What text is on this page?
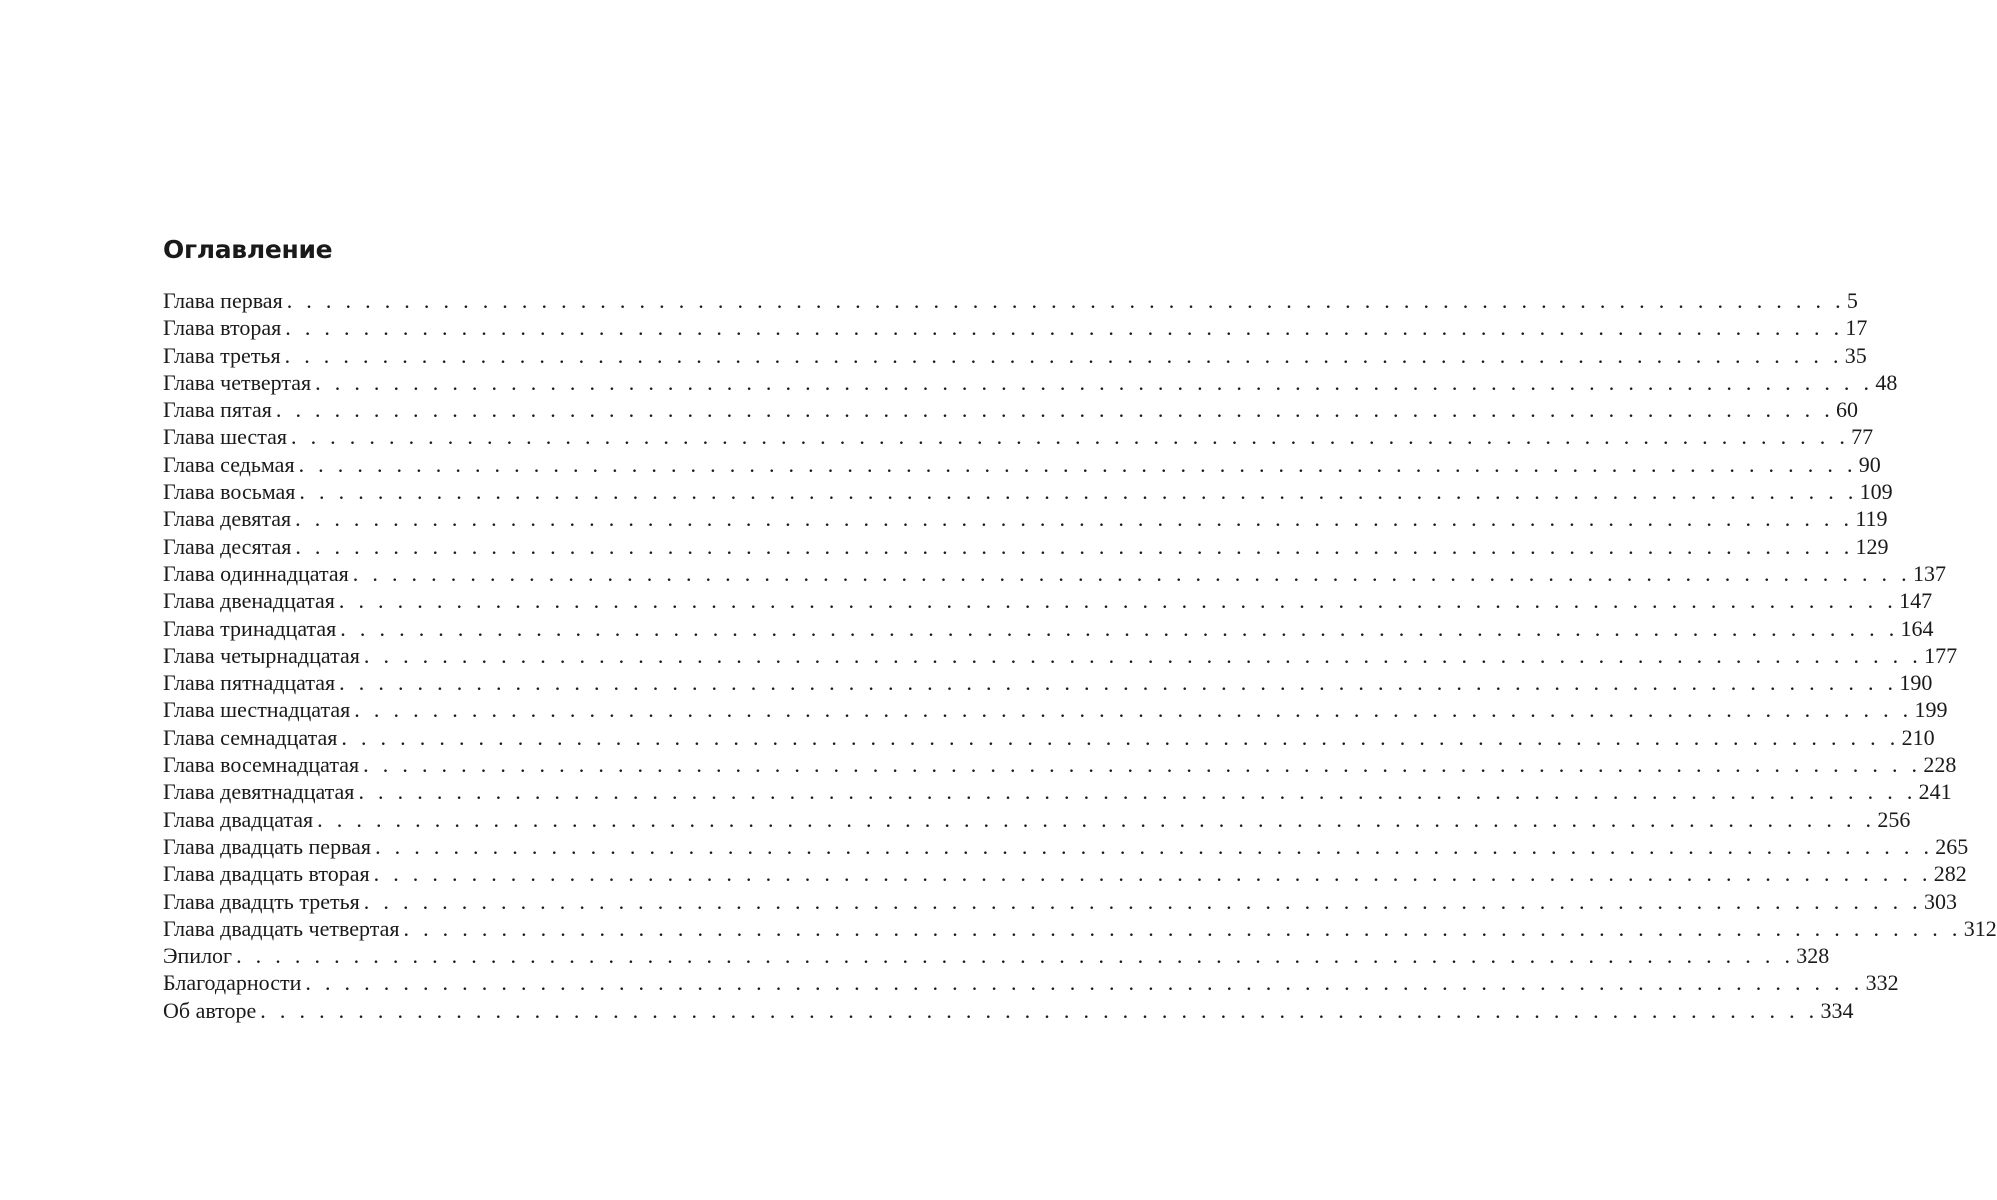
Оглавление
Глава первая . . . . . . . . . . . . . . . . . . . . . . . . . . . . . . . . . . . . . . . . . . . . . . . . . . . . . . . . . . . . . . . . . . . . . . . . . . . . . . . . 5
Глава вторая . . . . . . . . . . . . . . . . . . . . . . . . . . . . . . . . . . . . . . . . . . . . . . . . . . . . . . . . . . . . . . . . . . . . . . . . . . . . . . . . 17
Глава третья . . . . . . . . . . . . . . . . . . . . . . . . . . . . . . . . . . . . . . . . . . . . . . . . . . . . . . . . . . . . . . . . . . . . . . . . . . . . . . . . 35
Глава четвертая . . . . . . . . . . . . . . . . . . . . . . . . . . . . . . . . . . . . . . . . . . . . . . . . . . . . . . . . . . . . . . . . . . . . . . . . . . . . . . . . 48
Глава пятая . . . . . . . . . . . . . . . . . . . . . . . . . . . . . . . . . . . . . . . . . . . . . . . . . . . . . . . . . . . . . . . . . . . . . . . . . . . . . . . . 60
Глава шестая . . . . . . . . . . . . . . . . . . . . . . . . . . . . . . . . . . . . . . . . . . . . . . . . . . . . . . . . . . . . . . . . . . . . . . . . . . . . . . . . 77
Глава седьмая . . . . . . . . . . . . . . . . . . . . . . . . . . . . . . . . . . . . . . . . . . . . . . . . . . . . . . . . . . . . . . . . . . . . . . . . . . . . . . . . 90
Глава восьмая . . . . . . . . . . . . . . . . . . . . . . . . . . . . . . . . . . . . . . . . . . . . . . . . . . . . . . . . . . . . . . . . . . . . . . . . . . . . . . . . 109
Глава девятая . . . . . . . . . . . . . . . . . . . . . . . . . . . . . . . . . . . . . . . . . . . . . . . . . . . . . . . . . . . . . . . . . . . . . . . . . . . . . . . . 119
Глава десятая . . . . . . . . . . . . . . . . . . . . . . . . . . . . . . . . . . . . . . . . . . . . . . . . . . . . . . . . . . . . . . . . . . . . . . . . . . . . . . . . 129
Глава одиннадцатая . . . . . . . . . . . . . . . . . . . . . . . . . . . . . . . . . . . . . . . . . . . . . . . . . . . . . . . . . . . . . . . . . . . . . . . . . . . . . . . . 137
Глава двенадцатая . . . . . . . . . . . . . . . . . . . . . . . . . . . . . . . . . . . . . . . . . . . . . . . . . . . . . . . . . . . . . . . . . . . . . . . . . . . . . . . . 147
Глава тринадцатая . . . . . . . . . . . . . . . . . . . . . . . . . . . . . . . . . . . . . . . . . . . . . . . . . . . . . . . . . . . . . . . . . . . . . . . . . . . . . . . . 164
Глава четырнадцатая . . . . . . . . . . . . . . . . . . . . . . . . . . . . . . . . . . . . . . . . . . . . . . . . . . . . . . . . . . . . . . . . . . . . . . . . . . . . . . . . 177
Глава пятнадцатая . . . . . . . . . . . . . . . . . . . . . . . . . . . . . . . . . . . . . . . . . . . . . . . . . . . . . . . . . . . . . . . . . . . . . . . . . . . . . . . . 190
Глава шестнадцатая . . . . . . . . . . . . . . . . . . . . . . . . . . . . . . . . . . . . . . . . . . . . . . . . . . . . . . . . . . . . . . . . . . . . . . . . . . . . . . . . 199
Глава семнадцатая . . . . . . . . . . . . . . . . . . . . . . . . . . . . . . . . . . . . . . . . . . . . . . . . . . . . . . . . . . . . . . . . . . . . . . . . . . . . . . . . 210
Глава восемнадцатая . . . . . . . . . . . . . . . . . . . . . . . . . . . . . . . . . . . . . . . . . . . . . . . . . . . . . . . . . . . . . . . . . . . . . . . . . . . . . . . . 228
Глава девятнадцатая . . . . . . . . . . . . . . . . . . . . . . . . . . . . . . . . . . . . . . . . . . . . . . . . . . . . . . . . . . . . . . . . . . . . . . . . . . . . . . . . 241
Глава двадцатая . . . . . . . . . . . . . . . . . . . . . . . . . . . . . . . . . . . . . . . . . . . . . . . . . . . . . . . . . . . . . . . . . . . . . . . . . . . . . . . . 256
Глава двадцать первая . . . . . . . . . . . . . . . . . . . . . . . . . . . . . . . . . . . . . . . . . . . . . . . . . . . . . . . . . . . . . . . . . . . . . . . . . . . . . . . . 265
Глава двадцать вторая . . . . . . . . . . . . . . . . . . . . . . . . . . . . . . . . . . . . . . . . . . . . . . . . . . . . . . . . . . . . . . . . . . . . . . . . . . . . . . . . 282
Глава двадцть третья . . . . . . . . . . . . . . . . . . . . . . . . . . . . . . . . . . . . . . . . . . . . . . . . . . . . . . . . . . . . . . . . . . . . . . . . . . . . . . . . 303
Глава двадцать четвертая . . . . . . . . . . . . . . . . . . . . . . . . . . . . . . . . . . . . . . . . . . . . . . . . . . . . . . . . . . . . . . . . . . . . . . . . . . . . . . . . 312
Эпилог . . . . . . . . . . . . . . . . . . . . . . . . . . . . . . . . . . . . . . . . . . . . . . . . . . . . . . . . . . . . . . . . . . . . . . . . . . . . . . . . 328
Благодарности . . . . . . . . . . . . . . . . . . . . . . . . . . . . . . . . . . . . . . . . . . . . . . . . . . . . . . . . . . . . . . . . . . . . . . . . . . . . . . . . 332
Об авторе . . . . . . . . . . . . . . . . . . . . . . . . . . . . . . . . . . . . . . . . . . . . . . . . . . . . . . . . . . . . . . . . . . . . . . . . . . . . . . . . 334
